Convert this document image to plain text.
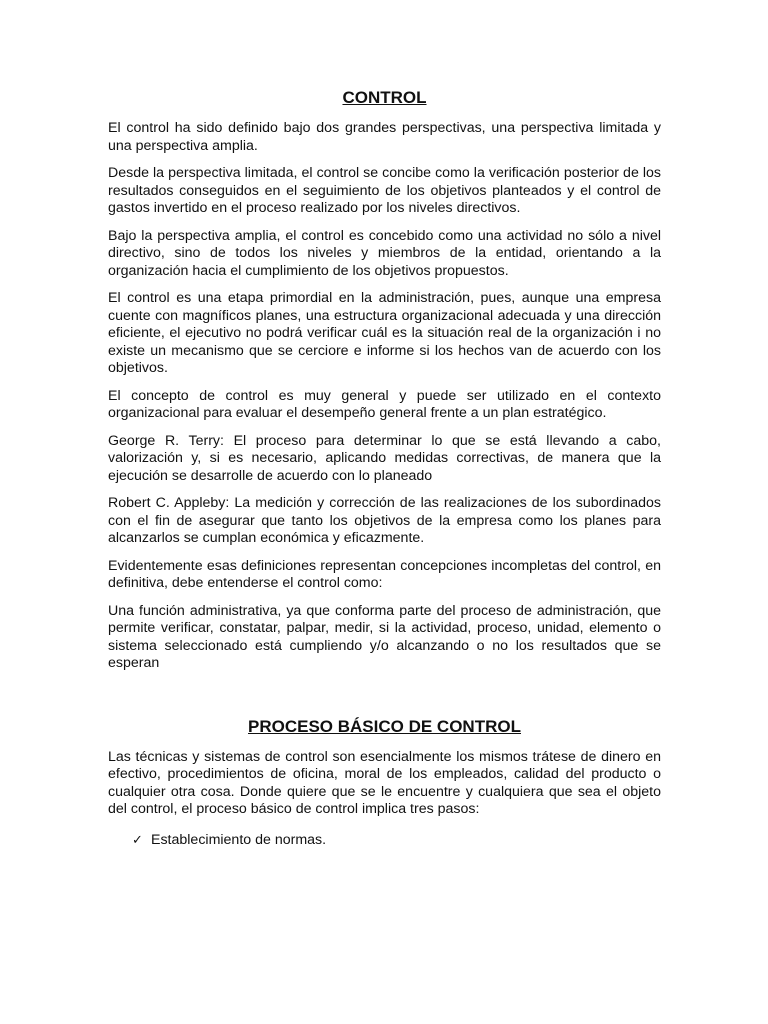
CONTROL

El control ha sido definido bajo dos grandes perspectivas, una perspectiva limitada y una perspectiva amplia.

Desde la perspectiva limitada, el control se concibe como la verificación posterior de los resultados conseguidos en el seguimiento de los objetivos planteados y el control de gastos invertido en el proceso realizado por los niveles directivos.

Bajo la perspectiva amplia, el control es concebido como una actividad no sólo a nivel directivo, sino de todos los niveles y miembros de la entidad, orientando a la organización hacia el cumplimiento de los objetivos propuestos.

El control es una etapa primordial en la administración, pues, aunque una empresa cuente con magníficos planes, una estructura organizacional adecuada y una dirección eficiente, el ejecutivo no podrá verificar cuál es la situación real de la organización i no existe un mecanismo que se cerciore e informe si los hechos van de acuerdo con los objetivos.

El concepto de control es muy general y puede ser utilizado en el contexto organizacional para evaluar el desempeño general frente a un plan estratégico.

George R. Terry: El proceso para determinar lo que se está llevando a cabo, valorización y, si es necesario, aplicando medidas correctivas, de manera que la ejecución se desarrolle de acuerdo con lo planeado

Robert C. Appleby: La medición y corrección de las realizaciones de los subordinados con el fin de asegurar que tanto los objetivos de la empresa como los planes para alcanzarlos se cumplan económica y eficazmente.

Evidentemente esas definiciones representan concepciones incompletas del control, en definitiva, debe entenderse el control como:

Una función administrativa, ya que conforma parte del proceso de administración, que permite verificar, constatar, palpar, medir, si la actividad, proceso, unidad, elemento o sistema seleccionado está cumpliendo y/o alcanzando o no los resultados que se esperan

PROCESO BÁSICO DE CONTROL

Las técnicas y sistemas de control son esencialmente los mismos trátese de dinero en efectivo, procedimientos de oficina, moral de los empleados, calidad del producto o cualquier otra cosa. Donde quiere que se le encuentre y cualquiera que sea el objeto del control, el proceso básico de control implica tres pasos:

✓ Establecimiento de normas.
